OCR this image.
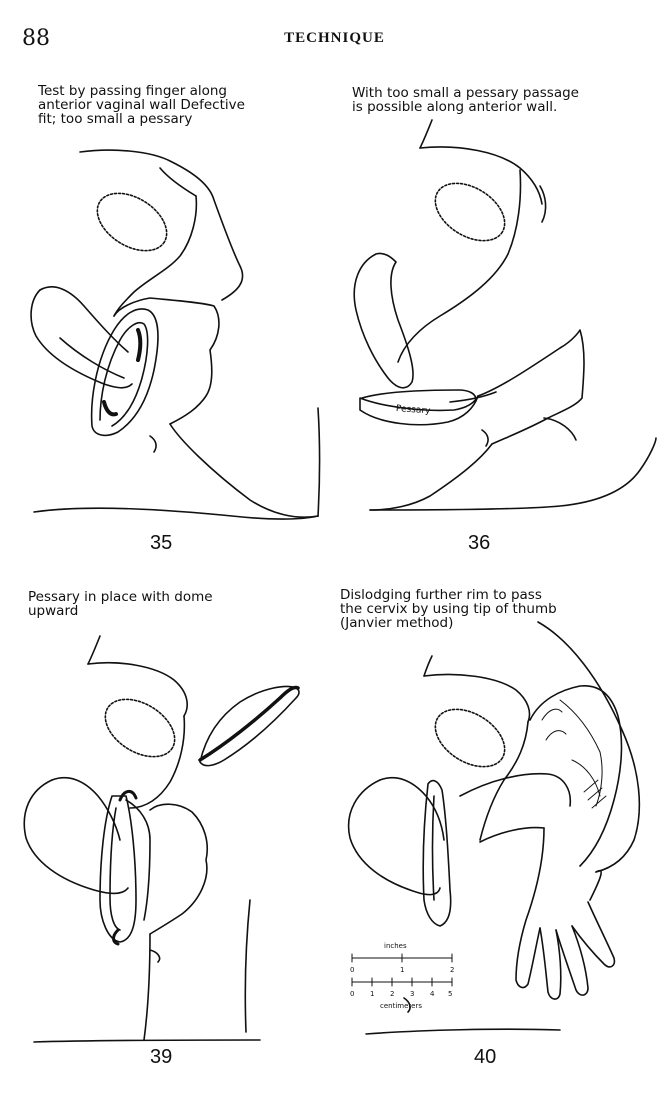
88	TECHNIQUE
Test by passing finger along
anterior vaginal wall Defective
fit; too small a pessary
With too small a pessary passage
is possible along anterior wall.
Pessary in place with dome
upward
Dislodging further rim to pass
the cervix by using tip of thumb
(Janvier method)
Pessary
inches
0	1	2
0 1 2 3 4 5
centimeters
35	36
39	40
